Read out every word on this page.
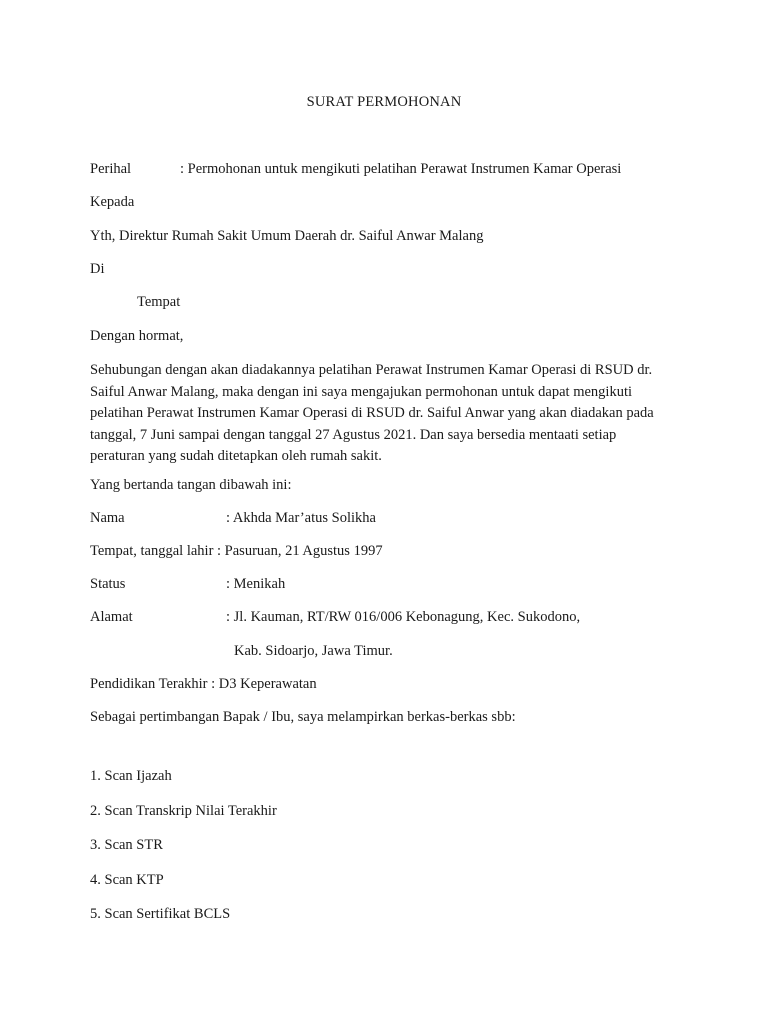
SURAT PERMOHONAN
Perihal	: Permohonan untuk mengikuti pelatihan Perawat Instrumen Kamar Operasi
Kepada
Yth, Direktur Rumah Sakit Umum Daerah dr. Saiful Anwar Malang
Di
Tempat
Dengan hormat,
Sehubungan dengan akan diadakannya pelatihan Perawat Instrumen Kamar Operasi di RSUD dr.
Saiful Anwar Malang, maka dengan ini saya mengajukan permohonan untuk dapat mengikuti
pelatihan Perawat Instrumen Kamar Operasi di RSUD dr. Saiful Anwar yang akan diadakan pada
tanggal, 7 Juni sampai dengan tanggal 27 Agustus 2021. Dan saya bersedia mentaati setiap
peraturan yang sudah ditetapkan oleh rumah sakit.
Yang bertanda tangan dibawah ini:
Nama	: Akhda Mar’atus Solikha
Tempat, tanggal lahir : Pasuruan, 21 Agustus 1997
Status	: Menikah
Alamat	: Jl. Kauman, RT/RW 016/006 Kebonagung, Kec. Sukodono,
Kab. Sidoarjo, Jawa Timur.
Pendidikan Terakhir : D3 Keperawatan
Sebagai pertimbangan Bapak / Ibu, saya melampirkan berkas-berkas sbb:
1. Scan Ijazah
2. Scan Transkrip Nilai Terakhir
3. Scan STR
4. Scan KTP
5. Scan Sertifikat BCLS
